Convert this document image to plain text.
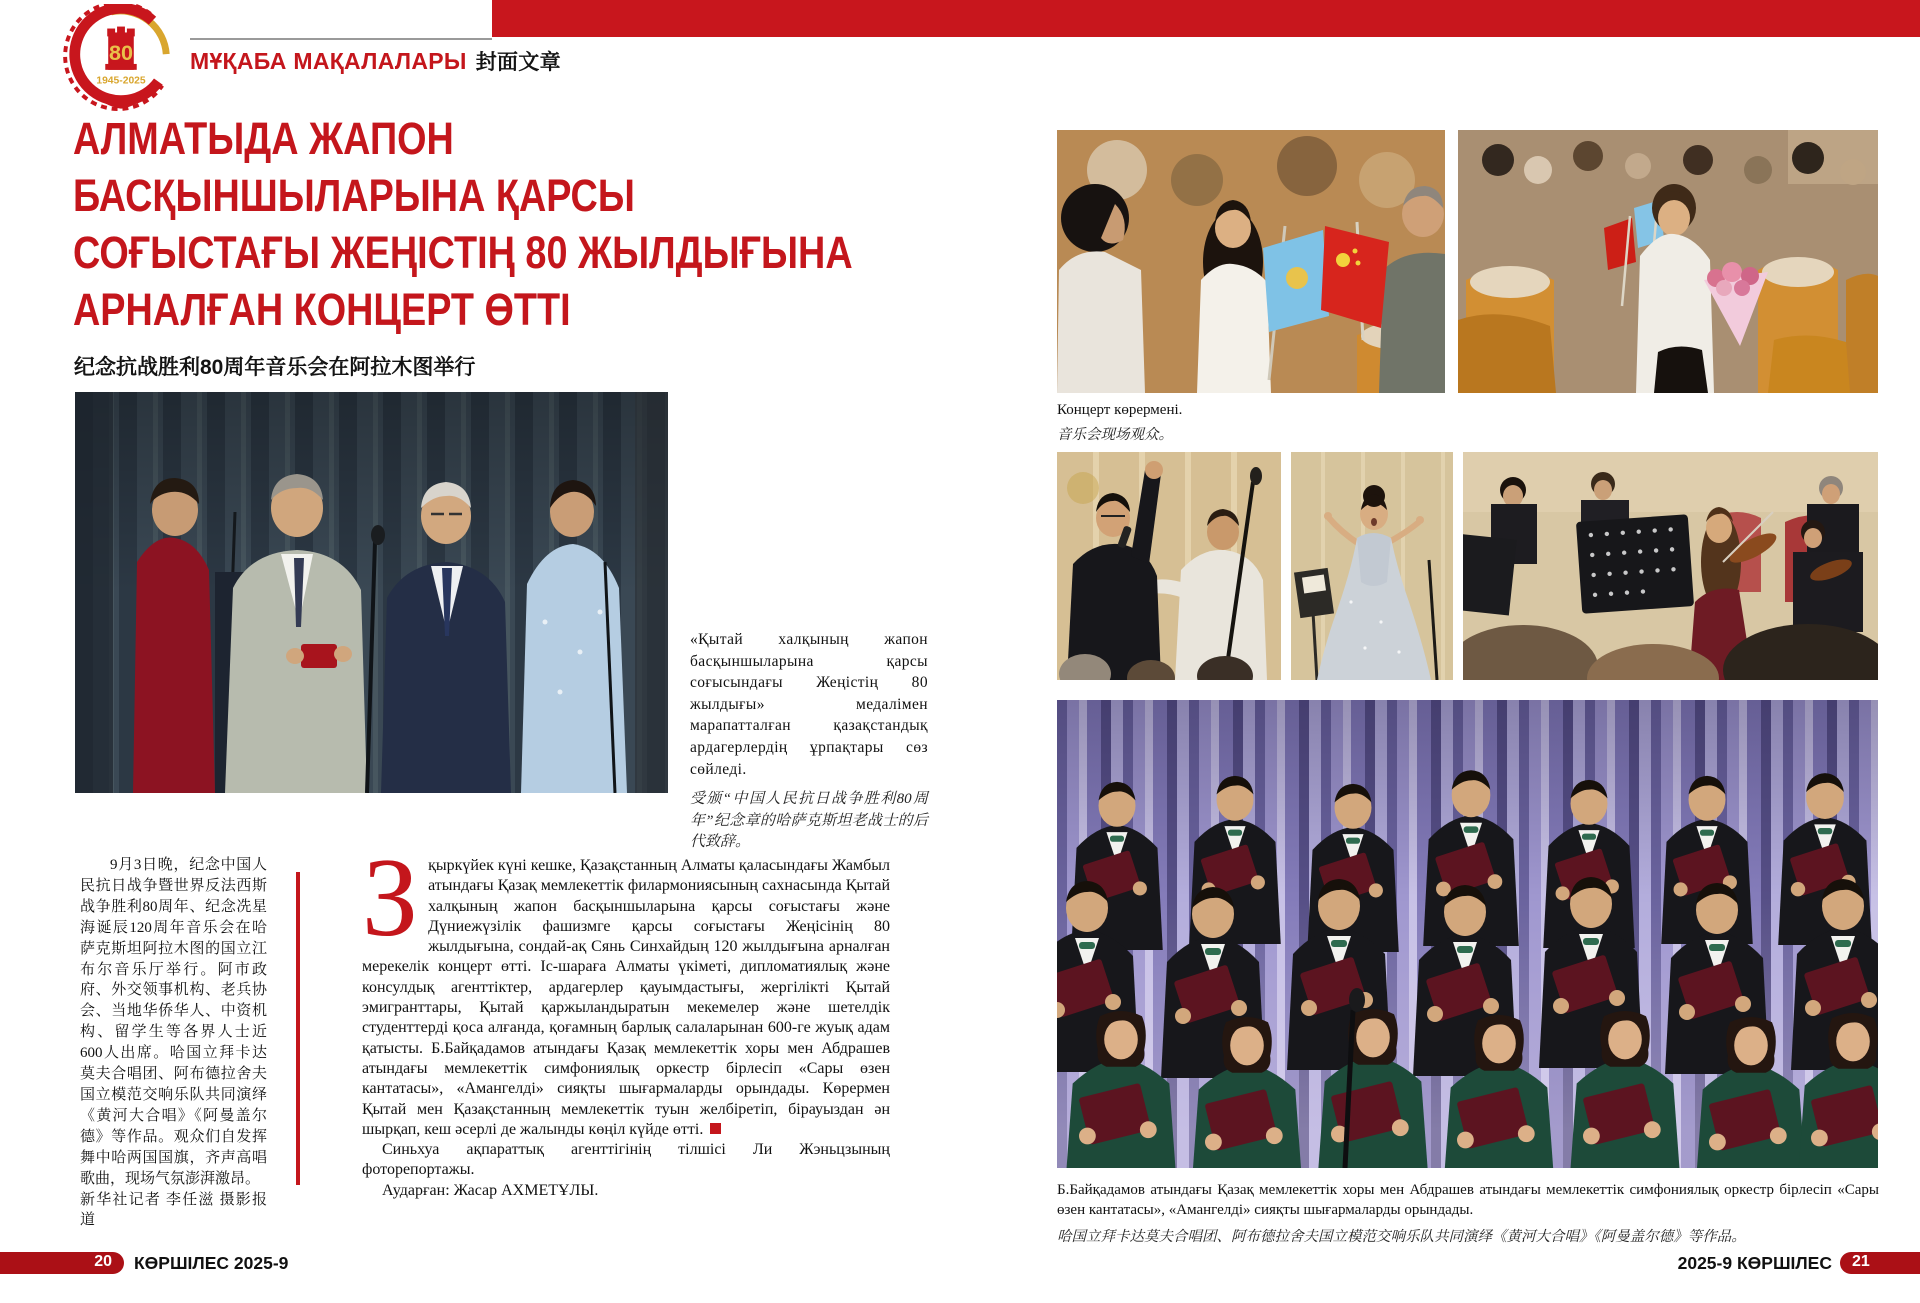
80
1945-2025
МҰҚАБА МАҚАЛАЛАРЫ 封面文章
АЛМАТЫДА ЖАПОН
БАСҚЫНШЫЛАРЫНА ҚАРСЫ
СОҒЫСТАҒЫ ЖЕҢІСТІҢ 80 ЖЫЛДЫҒЫНА
АРНАЛҒАН КОНЦЕРТ ӨТТІ
纪念抗战胜利80周年音乐会在阿拉木图举行

«Қытай халқының жапон басқыншыларына қарсы соғысындағы Жеңістің 80 жылдығы» медалімен марапатталған қазақстандық ардагерлердің ұрпақтары сөз сөйледі.

受颁“中国人民抗日战争胜利80周年”纪念章的哈萨克斯坦老战士的后代致辞。

9月3日晚，纪念中国人民抗日战争暨世界反法西斯战争胜利80周年、纪念冼星海诞辰120周年音乐会在哈萨克斯坦阿拉木图的国立江布尔音乐厅举行。阿市政府、外交领事机构、老兵协会、当地华侨华人、中资机构、留学生等各界人士近600人出席。哈国立拜卡达莫夫合唱团、阿布德拉舍夫国立模范交响乐队共同演绎《黄河大合唱》《阿曼盖尔德》等作品。观众们自发挥舞中哈两国国旗，齐声高唱歌曲，现场气氛澎湃激昂。

新华社记者 李任滋 摄影报道

Зқыркүйек күні кешке, Қазақстанның Алматы қаласындағы Жамбыл атындағы Қазақ мемлекеттік филармониясының сахнасында Қытай халқының жапон басқыншыларына қарсы соғыстағы және Дүниежүзілік фашизмге қарсы соғыстағы Жеңісінің 80 жылдығына, сондай-ақ Сянь Синхайдың 120 жылдығына арналған мерекелік концерт өтті. Іс-шараға Алматы үкіметі, дипломатиялық және консулдық агенттіктер, ардагерлер қауымдастығы, жергілікті Қытай эмигранттары, Қытай қаржыландыратын мекемелер және шетелдік студенттерді қоса алғанда, қоғамның барлық салаларынан 600-ге жуық адам қатысты. Б.Байқадамов атындағы Қазақ мемлекеттік хоры мен Абдрашев атындағы мемлекеттік симфониялық оркестр бірлесіп «Сары өзен кантатасы», «Амангелді» сияқты шығармаларды орындады. Көрермен Қытай мен Қазақстанның мемлекеттік туын желбіретіп, бірауыздан ән шырқап, кеш әсерлі де жалынды көңіл күйде өтті.

Синьхуа ақпараттық агенттігінің тілшісі Ли Жэньцзының фоторепортажы.

Аударған: Жасар АХМЕТҰЛЫ.

20 КӨРШІЛЕС 2025-9

Концерт көрермені.

音乐会现场观众。

Б.Байқадамов атындағы Қазақ мемлекеттік хоры мен Абдрашев атындағы мемлекеттік симфониялық оркестр бірлесіп «Сары өзен кантатасы», «Амангелді» сияқты шығармаларды орындады.

哈国立拜卡达莫夫合唱团、阿布德拉舍夫国立模范交响乐队共同演绎《黄河大合唱》《阿曼盖尔德》等作品。

2025-9 КӨРШІЛЕС 21
